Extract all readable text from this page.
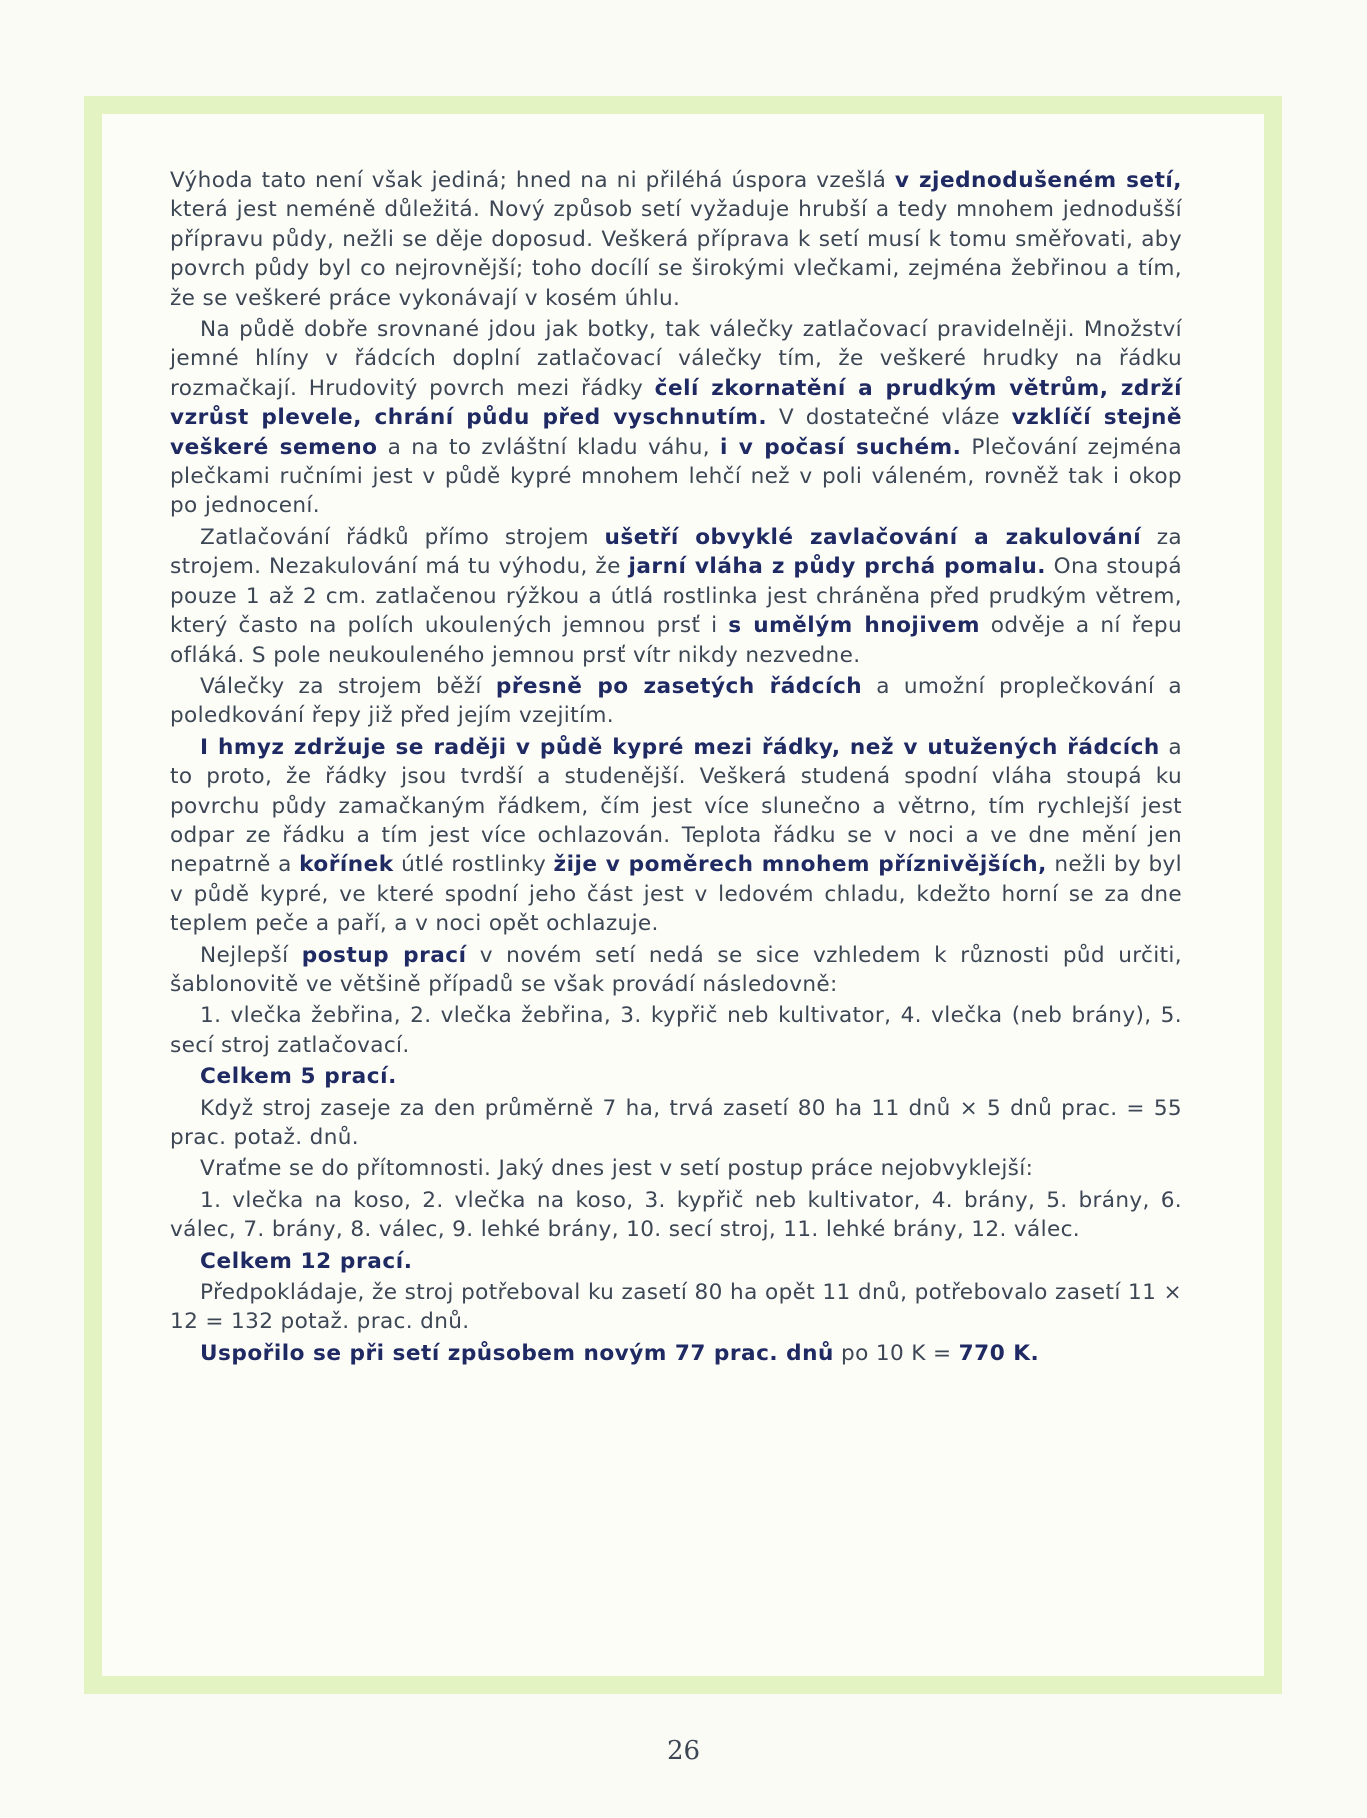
Výhoda tato není však jediná; hned na ni přiléhá úspora vzešlá v zjednodušeném setí, která jest neméně důležitá. Nový způsob setí vyžaduje hrubší a tedy mnohem jednodušší přípravu půdy, nežli se děje doposud. Veškerá příprava k setí musí k tomu směřovati, aby povrch půdy byl co nejrovnější; toho docílí se širokými vlečkami, zejména žebřinou a tím, že se veškeré práce vykonávají v kosém úhlu.

Na půdě dobře srovnané jdou jak botky, tak válečky zatlačovací pravidelněji. Množství jemné hlíny v řádcích doplní zatlačovací válečky tím, že veškeré hrudky na řádku rozmačkají. Hrudovitý povrch mezi řádky čelí zkornatění a prudkým větrům, zdrží vzrůst plevele, chrání půdu před vyschnutím. V dostatečné vláze vzklíčí stejně veškeré semeno a na to zvláštní kladu váhu, i v počasí suchém. Plečování zejména plečkami ručními jest v půdě kypré mnohem lehčí než v poli váleném, rovněž tak i okop po jednocení.

Zatlačování řádků přímo strojem ušetří obvyklé zavlačování a zakulování za strojem. Nezakulování má tu výhodu, že jarní vláha z půdy prchá pomalu. Ona stoupá pouze 1 až 2 cm. zatlačenou rýžkou a útlá rostlinka jest chráněna před prudkým větrem, který často na polích ukoulených jemnou prsť i s umělým hnojivem odvěje a ní řepu ofláká. S pole neukouleného jemnou prsť vítr nikdy nezvedne.

Válečky za strojem běží přesně po zasetých řádcích a umožní proplečkování a poledkování řepy již před jejím vzejitím.

I hmyz zdržuje se raději v půdě kypré mezi řádky, než v utužených řádcích a to proto, že řádky jsou tvrdší a studenější. Veškerá studená spodní vláha stoupá ku povrchu půdy zamačkaným řádkem, čím jest více slunečno a větrno, tím rychlejší jest odpar ze řádku a tím jest více ochlazován. Teplota řádku se v noci a ve dne mění jen nepatrně a kořínek útlé rostlinky žije v poměrech mnohem příznivějších, nežli by byl v půdě kypré, ve které spodní jeho část jest v ledovém chladu, kdežto horní se za dne teplem peče a paří, a v noci opět ochlazuje.

Nejlepší postup prací v novém setí nedá se sice vzhledem k různosti půd určiti, šablonovitě ve většině případů se však provádí následovně:

1. vlečka žebřina, 2. vlečka žebřina, 3. kypřič neb kultivator, 4. vlečka (neb brány), 5. secí stroj zatlačovací.

Celkem 5 prací.

Když stroj zaseje za den průměrně 7 ha, trvá zasetí 80 ha 11 dnů × 5 dnů prac. = 55 prac. potaž. dnů.

Vraťme se do přítomnosti. Jaký dnes jest v setí postup práce nejobvyklejší:

1. vlečka na koso, 2. vlečka na koso, 3. kypřič neb kultivator, 4. brány, 5. brány, 6. válec, 7. brány, 8. válec, 9. lehké brány, 10. secí stroj, 11. lehké brány, 12. válec.

Celkem 12 prací.

Předpokládaje, že stroj potřeboval ku zasetí 80 ha opět 11 dnů, potřebovalo zasetí 11 × 12 = 132 potaž. prac. dnů.

Uspořilo se při setí způsobem novým 77 prac. dnů po 10 K = 770 K.

26
